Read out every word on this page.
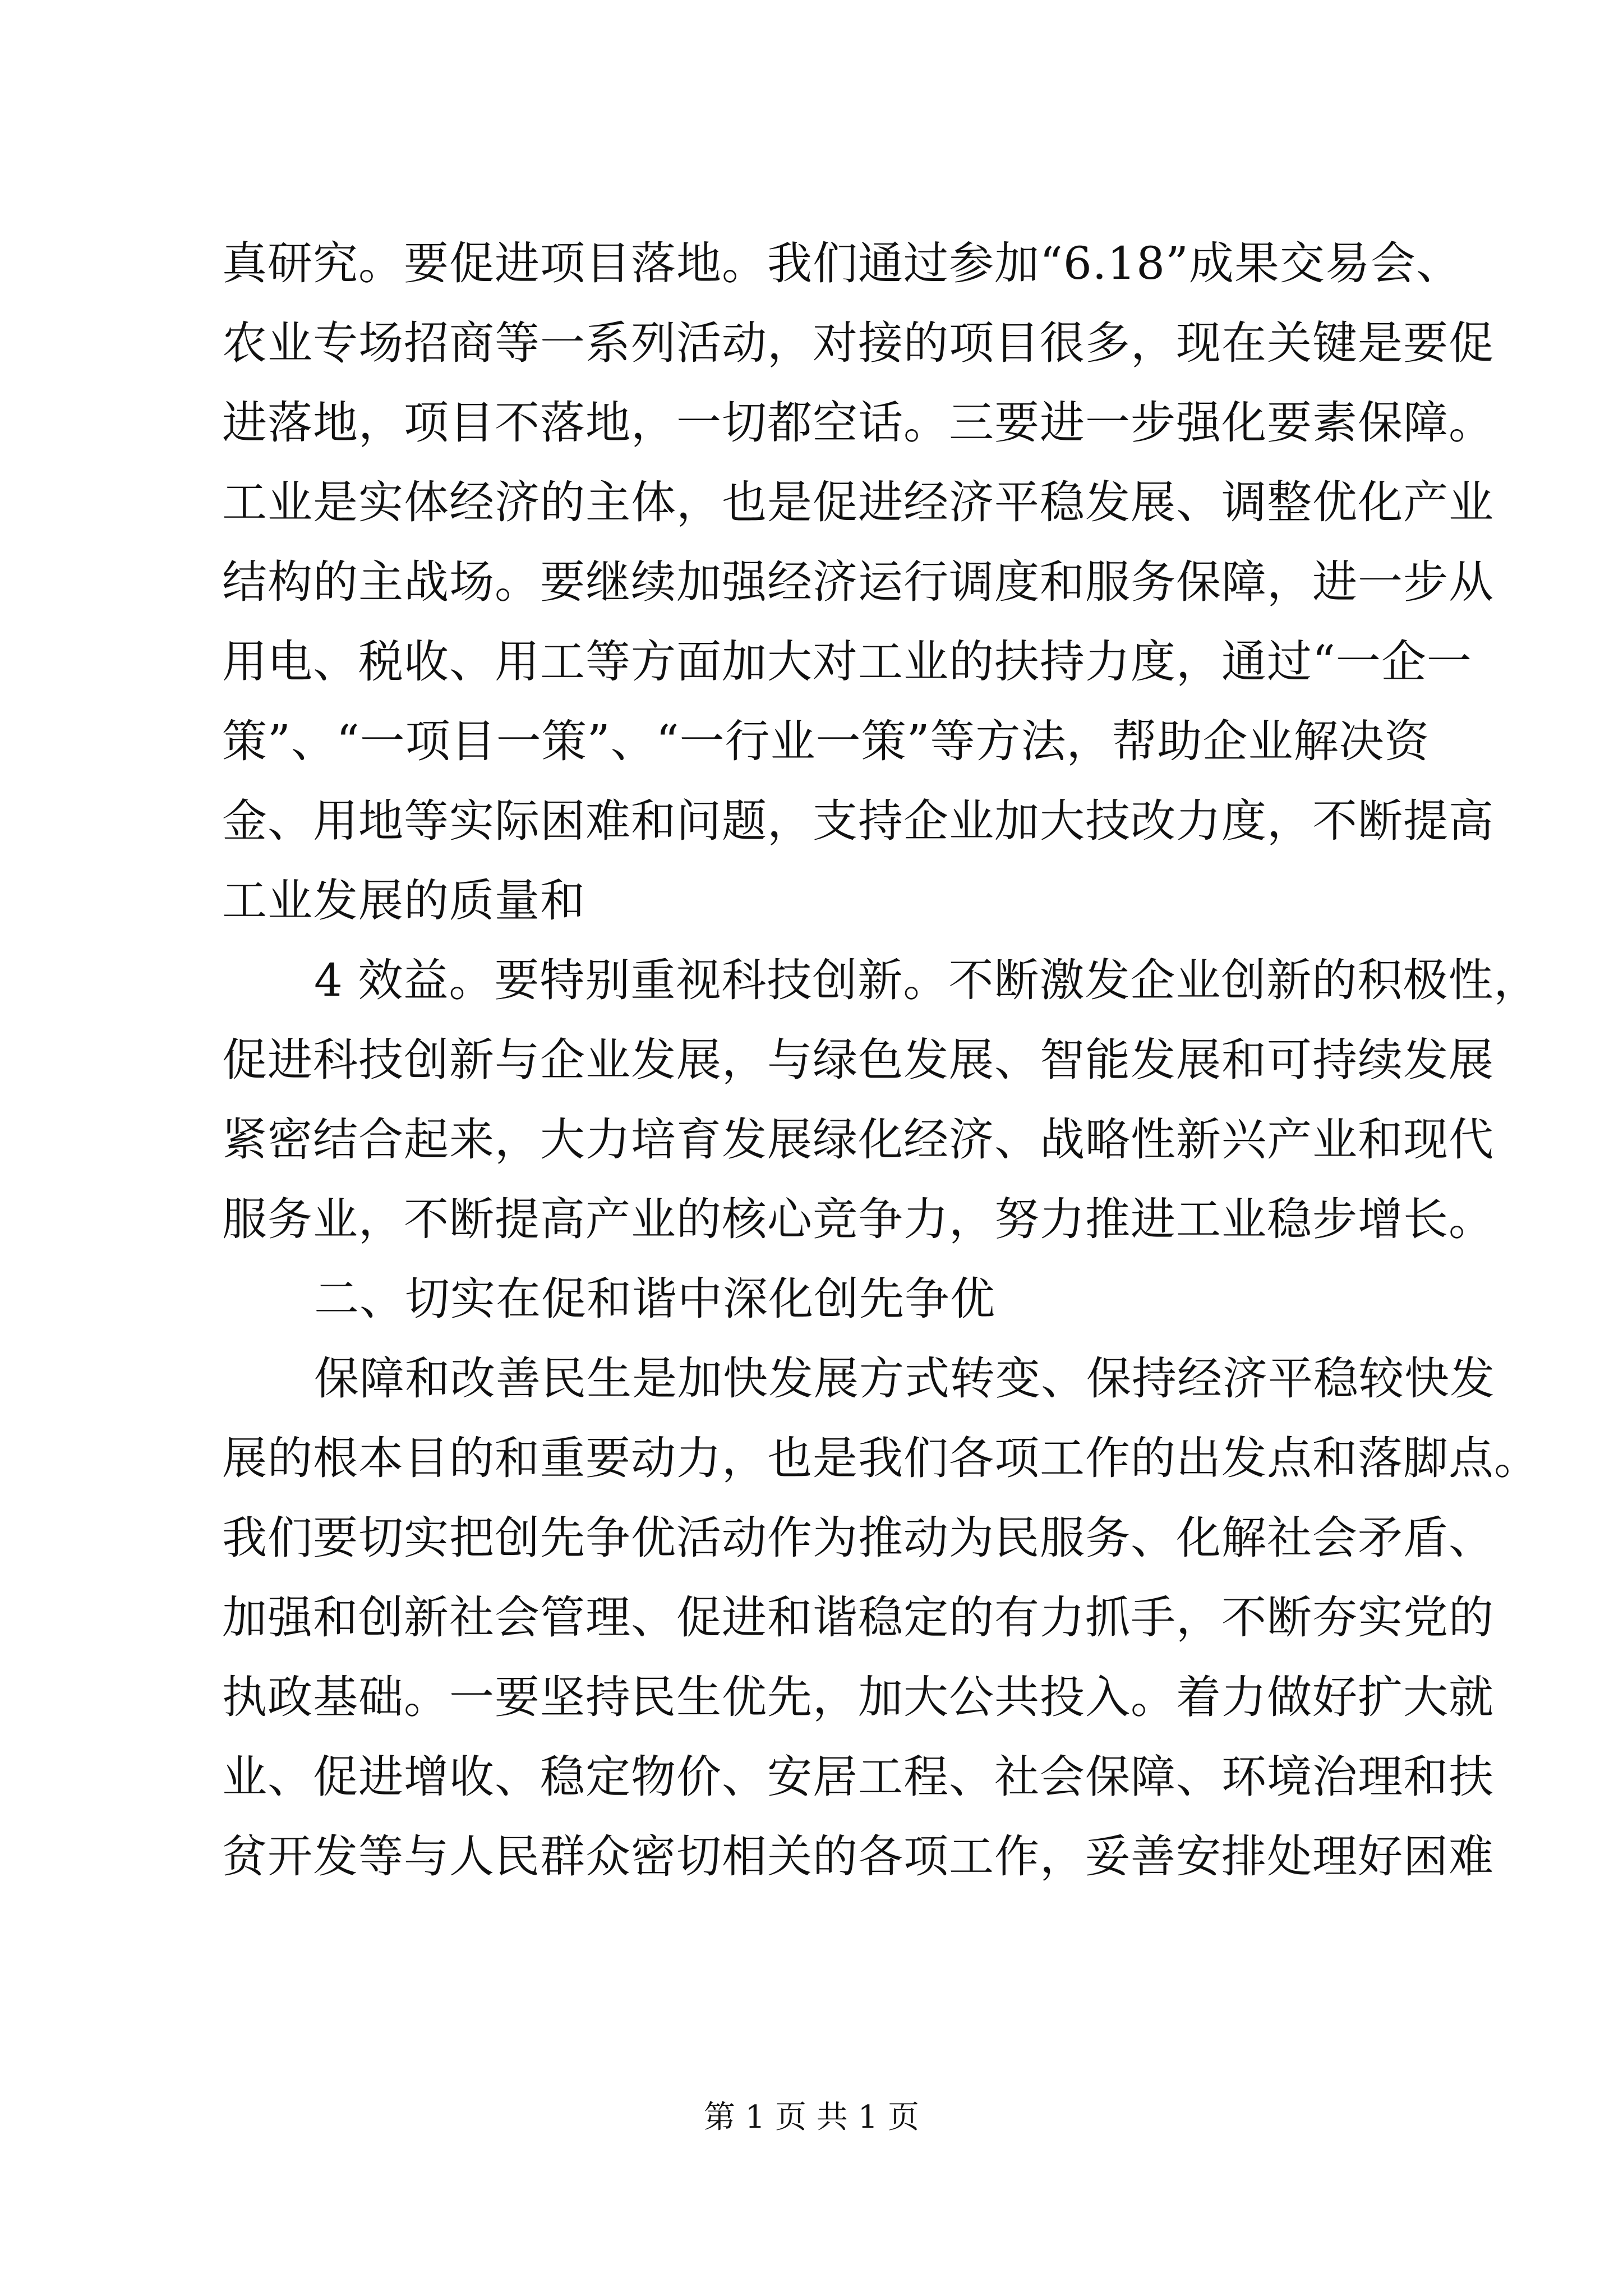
真研究。要促进项目落地。我们通过参加“6.18”成果交易会、
农业专场招商等一系列活动，对接的项目很多，现在关键是要促
进落地，项目不落地，一切都空话。三要进一步强化要素保障。
工业是实体经济的主体，也是促进经济平稳发展、调整优化产业
结构的主战场。要继续加强经济运行调度和服务保障，进一步从
用电、税收、用工等方面加大对工业的扶持力度，通过“一企一
策”、“一项目一策”、“一行业一策”等方法，帮助企业解决资
金、用地等实际困难和问题，支持企业加大技改力度，不断提高
工业发展的质量和
4 效益。要特别重视科技创新。不断激发企业创新的积极性，
促进科技创新与企业发展，与绿色发展、智能发展和可持续发展
紧密结合起来，大力培育发展绿化经济、战略性新兴产业和现代
服务业，不断提高产业的核心竞争力，努力推进工业稳步增长。
二、切实在促和谐中深化创先争优
保障和改善民生是加快发展方式转变、保持经济平稳较快发
展的根本目的和重要动力，也是我们各项工作的出发点和落脚点。
我们要切实把创先争优活动作为推动为民服务、化解社会矛盾、
加强和创新社会管理、促进和谐稳定的有力抓手，不断夯实党的
执政基础。一要坚持民生优先，加大公共投入。着力做好扩大就
业、促进增收、稳定物价、安居工程、社会保障、环境治理和扶
贫开发等与人民群众密切相关的各项工作，妥善安排处理好困难
第 1 页 共 1 页
